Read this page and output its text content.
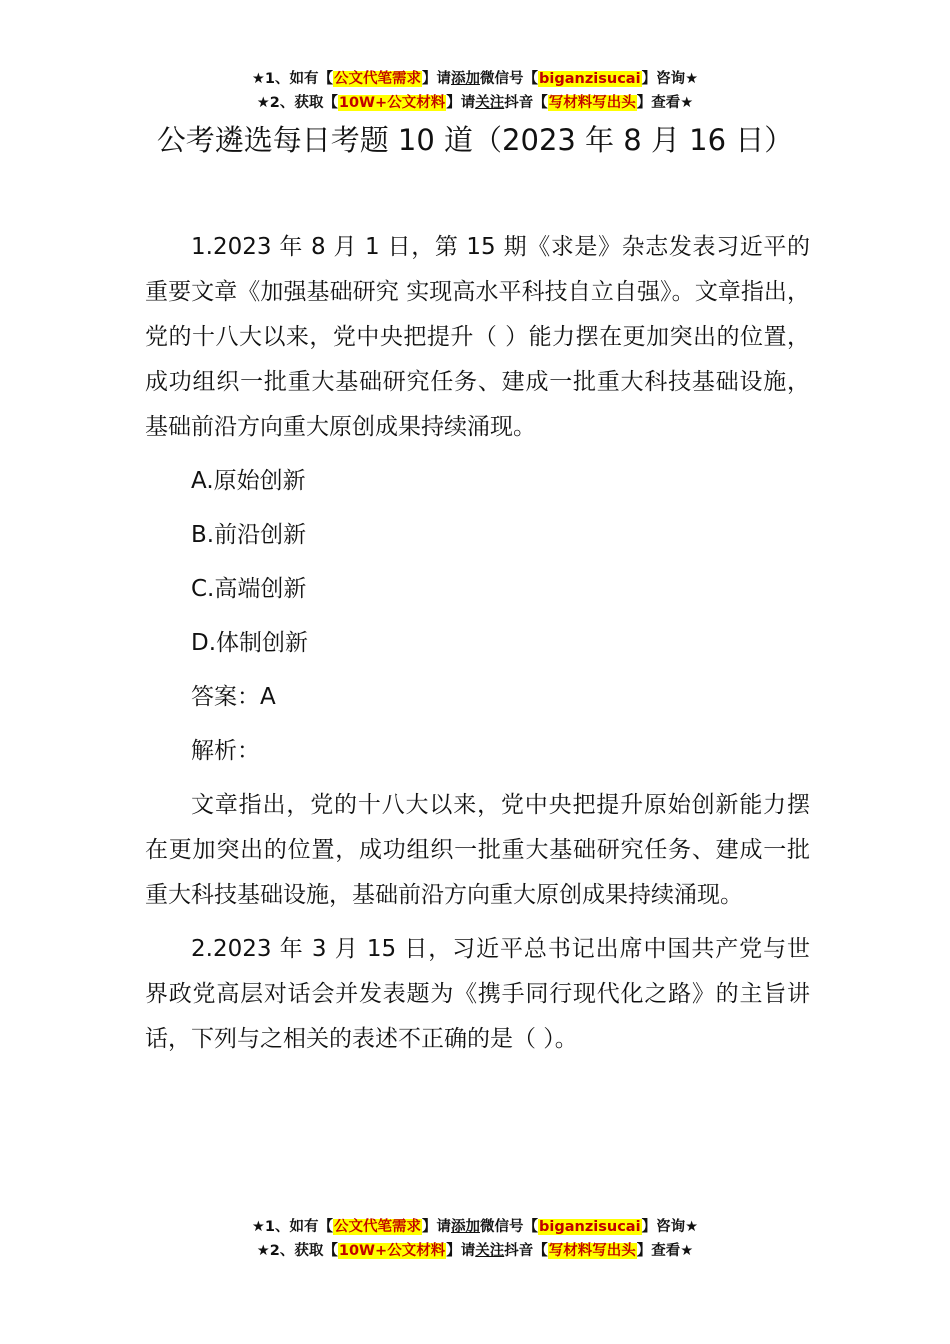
★1、如有【公文代笔需求】请添加微信号【biganzisucai】咨询★
★2、获取【10W+公文材料】请关注抖音【写材料写出头】查看★
公考遴选每日考题 10 道（2023 年 8 月 16 日）

1.2023 年 8 月 1 日，第 15 期《求是》杂志发表习近平的重要文章《加强基础研究 实现高水平科技自立自强》。文章指出，党的十八大以来，党中央把提升（ ）能力摆在更加突出的位置，成功组织一批重大基础研究任务、建成一批重大科技基础设施，基础前沿方向重大原创成果持续涌现。

A.原始创新

B.前沿创新

C.高端创新

D.体制创新

答案：A

解析：

文章指出，党的十八大以来，党中央把提升原始创新能力摆在更加突出的位置，成功组织一批重大基础研究任务、建成一批重大科技基础设施，基础前沿方向重大原创成果持续涌现。

2.2023 年 3 月 15 日，习近平总书记出席中国共产党与世界政党高层对话会并发表题为《携手同行现代化之路》的主旨讲话，下列与之相关的表述不正确的是（ ）。

★1、如有【公文代笔需求】请添加微信号【biganzisucai】咨询★
★2、获取【10W+公文材料】请关注抖音【写材料写出头】查看★
